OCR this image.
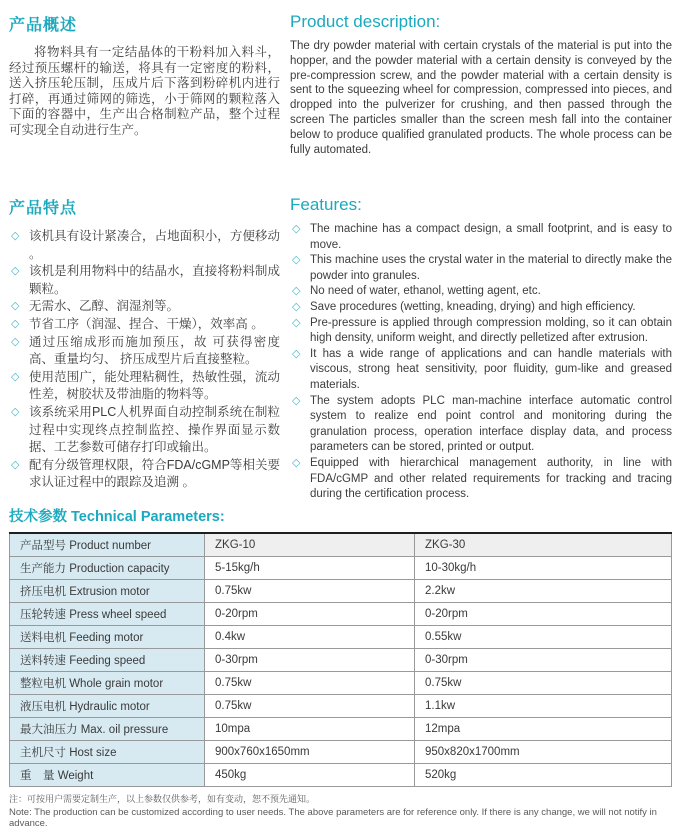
产品概述

将物料具有一定结晶体的干粉料加入料斗，经过预压螺杆的输送，将具有一定密度的粉料，送入挤压轮压制，压成片后下落到粉碎机内进行打碎，再通过筛网的筛选，小于筛网的颗粒落入下面的容器中，生产出合格制粒产品，整个过程可实现全自动进行生产。

Product description:

The dry powder material with certain crystals of the material is put into the hopper, and the powder material with a certain density is conveyed by the pre-compression screw, and the powder material with a certain density is sent to the squeezing wheel for compression, compressed into pieces, and dropped into the pulverizer for crushing, and then passed through the screen The particles smaller than the screen mesh fall into the container below to produce qualified granulated products. The whole process can be fully automated.

产品特点
◇ 该机具有设计紧凑合，占地面积小，方便移动 。
◇ 该机是利用物料中的结晶水，直接将粉料制成颗粒。
◇ 无需水、乙醇、润湿剂等。
◇ 节省工序（润湿、捏合、干燥），效率高 。
◇ 通过压缩成形而施加预压，故 可获得密度高、重量均匀、 挤压成型片后直接整粒。
◇ 使用范围广，能处理粘稠性，热敏性强，流动性差，树胶状及带油脂的物料等。
◇ 该系统采用PLC人机界面自动控制系统在制粒过程中实现终点控制监控、操作界面显示数据、工艺参数可储存打印或输出。
◇ 配有分级管理权限，符合FDA/cGMP等相关要求认证过程中的跟踪及追溯 。
Features:
◇ The machine has a compact design, a small footprint, and is easy to move.
◇ This machine uses the crystal water in the material to directly make the powder into granules.
◇ No need of water, ethanol, wetting agent, etc.
◇ Save procedures (wetting, kneading, drying) and high efficiency.
◇ Pre-pressure is applied through compression molding, so it can obtain high density, uniform weight, and directly pelletized after extrusion.
◇ It has a wide range of applications and can handle materials with viscous, strong heat sensitivity, poor fluidity, gum-like and greased materials.
◇ The system adopts PLC man-machine interface automatic control system to realize end point control and monitoring during the granulation process, operation interface display data, and process parameters can be stored, printed or output.
◇ Equipped with hierarchical management authority, in line with FDA/cGMP and other related requirements for tracking and tracing during the certification process.
技术参数 Technical Parameters:
产品型号 Product number	ZKG-10	ZKG-30
生产能力 Production capacity	5-15kg/h	10-30kg/h
挤压电机 Extrusion motor	0.75kw	2.2kw
压轮转速 Press wheel speed	0-20rpm	0-20rpm
送料电机 Feeding motor	0.4kw	0.55kw
送料转速 Feeding speed	0-30rpm	0-30rpm
整粒电机 Whole grain motor	0.75kw	0.75kw
液压电机 Hydraulic motor	0.75kw	1.1kw
最大油压力 Max. oil pressure	10mpa	12mpa
主机尺寸 Host size	900x760x1650mm	950x820x1700mm
重　量 Weight	450kg	520kg

注：可按用户需要定制生产，以上参数仅供参考，如有变动，恕不预先通知。

Note: The production can be customized according to user needs. The above parameters are for reference only. If there is any change, we will not notify in advance.
